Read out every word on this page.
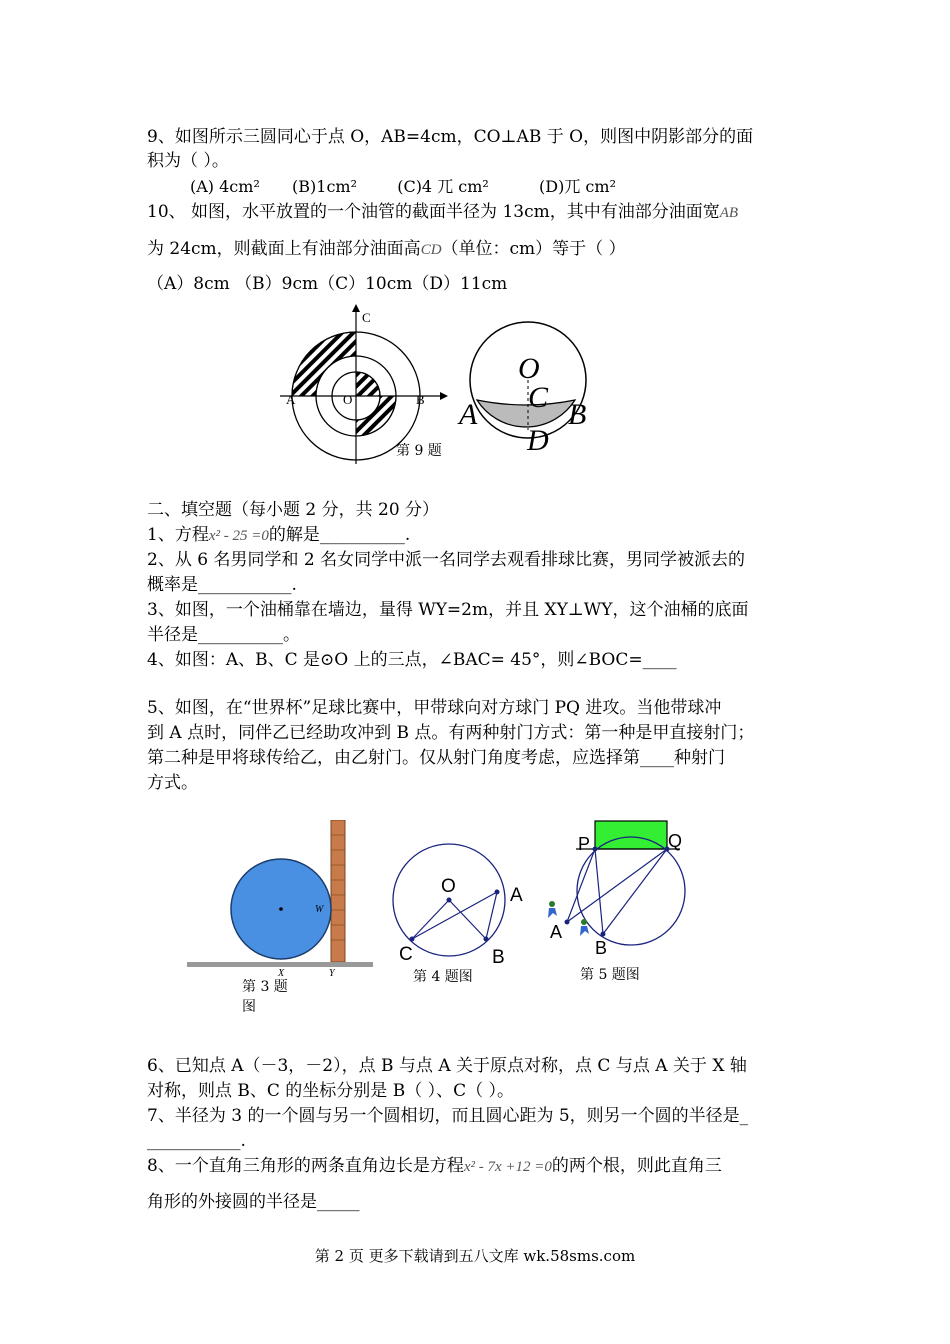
9、如图所示三圆同心于点 O，AB=4cm，CO⊥AB 于 O，则图中阴影部分的面
积为（ ）。
(A) 4cm² (B)1cm²	(C)4 兀 cm²	(D)兀 cm²
10、 如图，水平放置的一个油管的截面半径为 13cm，其中有油部分油面宽AB
为 24cm，则截面上有油部分油面高CD（单位：cm）等于（ ）
（A）8cm （B）9cm（C）10cm（D）11cm
C
A	O	B
第 9 题
O
C
A	B
D
二、填空题（每小题 2 分，共 20 分）
1、方程x² - 25 =0的解是__________.
2、从 6 名男同学和 2 名女同学中派一名同学去观看排球比赛，男同学被派去的
概率是___________.
3、如图，一个油桶靠在墙边，量得 WY=2m，并且 XY⊥WY，这个油桶的底面
半径是__________。
4、如图：A、B、C 是⊙O 上的三点，∠BAC= 45°，则∠BOC=____
5、如图，在“世界杯”足球比赛中，甲带球向对方球门 PQ 进攻。当他带球冲
到 A 点时，同伴乙已经助攻冲到 B 点。有两种射门方式：第一种是甲直接射门；
第二种是甲将球传给乙，由乙射门。仅从射门角度考虑，应选择第____种射门
方式。
W
X	Y
第 3 题
图
O	A
C	B
第 4 题图
P	Q
A
B
第 5 题图
6、已知点 A（－3，－2），点 B 与点 A 关于原点对称，点 C 与点 A 关于 X 轴
对称，则点 B、C 的坐标分别是 B（ ）、C（ ）。
7、半径为 3 的一个圆与另一个圆相切，而且圆心距为 5，则另一个圆的半径是_
___________.
8、一个直角三角形的两条直角边长是方程x² - 7x +12 =0的两个根，则此直角三
角形的外接圆的半径是_____
第 2 页 更多下载请到五八文库 wk.58sms.com
